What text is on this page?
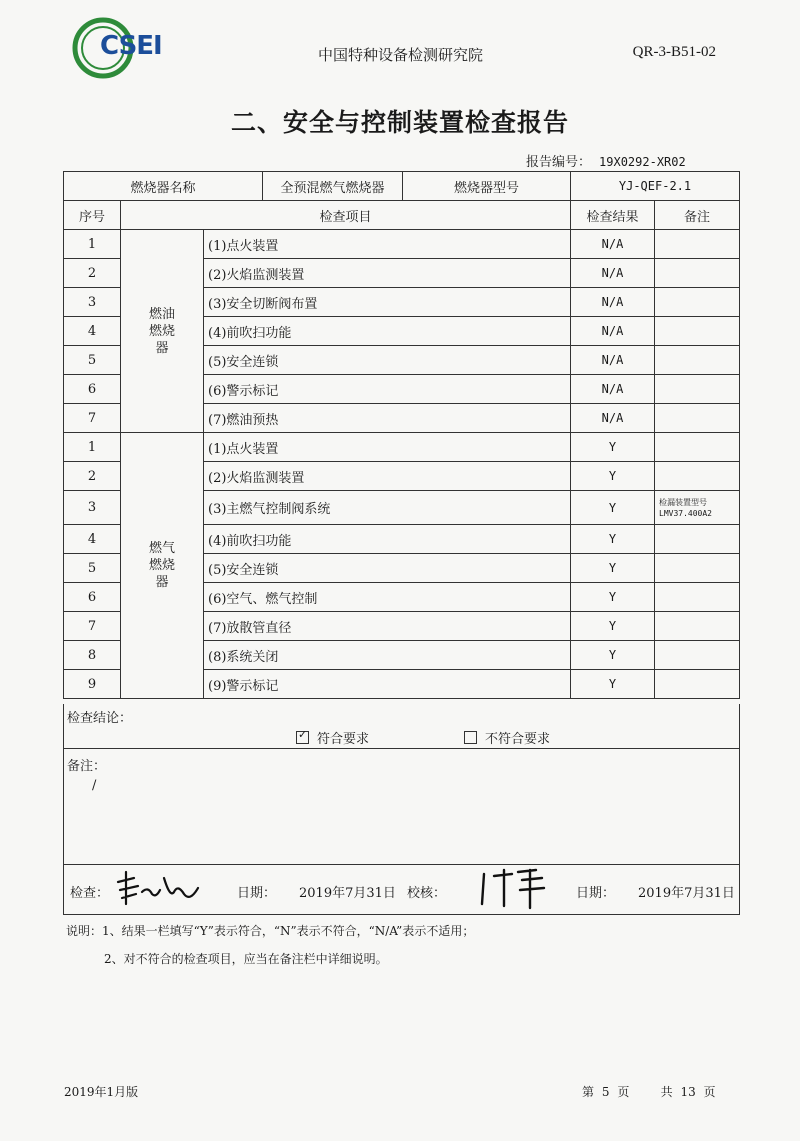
CSEI	中国特种设备检测研究院	QR-3-B51-02
二、安全与控制装置检查报告
报告编号： 19X0292-XR02
燃烧器名称			全预混燃气燃烧器	燃烧器型号	YJ-QEF-2.1	
序号	检查项目				检查结果	备注
1	燃油燃烧器	(1)点火装置			N/A	
2		(2)火焰监测装置			N/A	
3		(3)安全切断阀布置			N/A	
4		(4)前吹扫功能			N/A	
5		(5)安全连锁			N/A	
6		(6)警示标记			N/A	
7		(7)燃油预热			N/A	
1	燃气燃烧器	(1)点火装置			Y	
2		(2)火焰监测装置			Y	
3		(3)主燃气控制阀系统			Y	检漏装置型号LMV37.400A2
4		(4)前吹扫功能			Y	
5		(5)安全连锁			Y	
6		(6)空气、燃气控制			Y	
7		(7)放散管直径			Y	
8		(8)系统关闭			Y	
9		(9)警示标记			Y	
检查结论：
✓符合要求	不符合要求
备注：
/
检查：	日期： 2019年7月31日 校核：	日期： 2019年7月31日
说明：1、结果一栏填写“Y”表示符合，“N”表示不符合，“N/A”表示不适用；
2、对不符合的检查项目，应当在备注栏中详细说明。
2019年1月版	第 5 页	共 13 页
